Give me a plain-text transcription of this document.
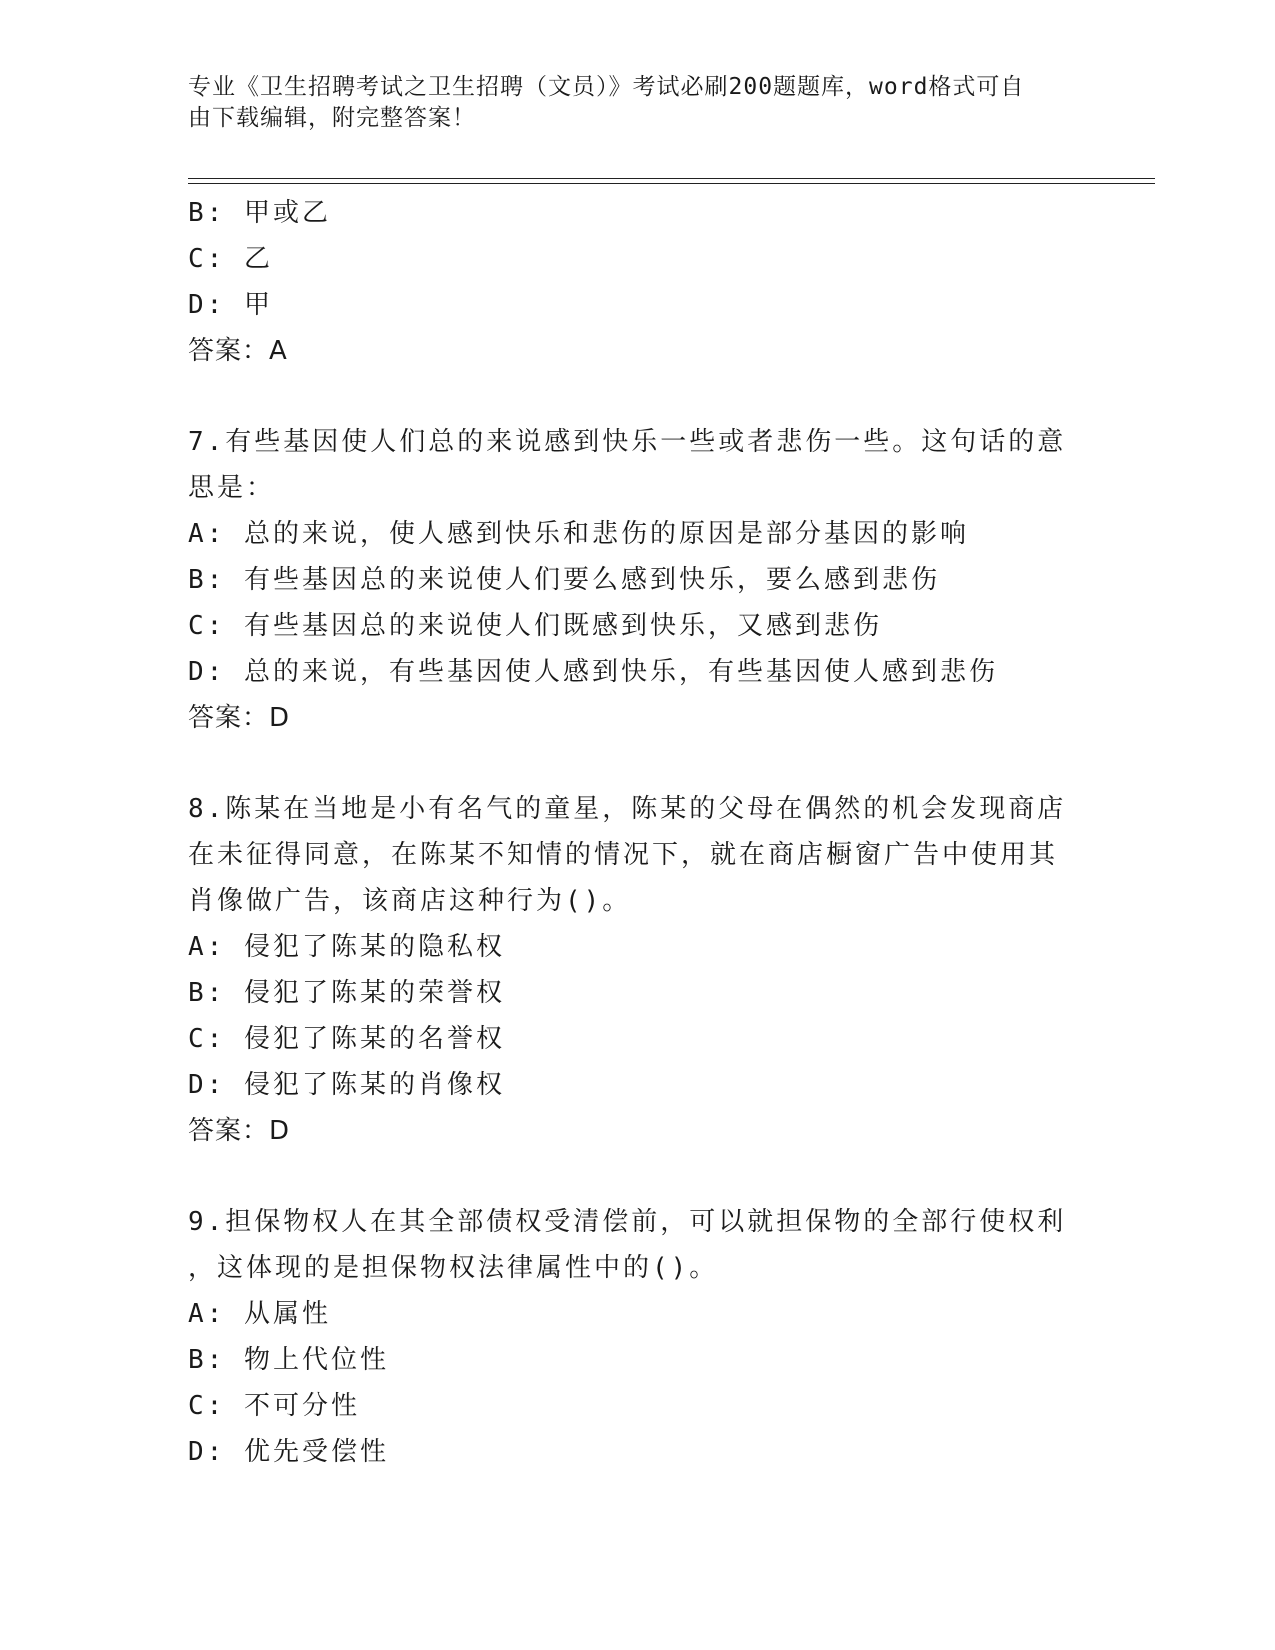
专业《卫生招聘考试之卫生招聘（文员）》考试必刷200题题库，word格式可自
由下载编辑，附完整答案！
B: 甲或乙
C: 乙
D: 甲
答案：A
7.有些基因使人们总的来说感到快乐一些或者悲伤一些。这句话的意
思是：
A: 总的来说，使人感到快乐和悲伤的原因是部分基因的影响
B: 有些基因总的来说使人们要么感到快乐，要么感到悲伤
C: 有些基因总的来说使人们既感到快乐，又感到悲伤
D: 总的来说，有些基因使人感到快乐，有些基因使人感到悲伤
答案：D
8.陈某在当地是小有名气的童星，陈某的父母在偶然的机会发现商店
在未征得同意，在陈某不知情的情况下，就在商店橱窗广告中使用其
肖像做广告，该商店这种行为()。
A: 侵犯了陈某的隐私权
B: 侵犯了陈某的荣誉权
C: 侵犯了陈某的名誉权
D: 侵犯了陈某的肖像权
答案：D
9.担保物权人在其全部债权受清偿前，可以就担保物的全部行使权利
，这体现的是担保物权法律属性中的()。
A: 从属性
B: 物上代位性
C: 不可分性
D: 优先受偿性
